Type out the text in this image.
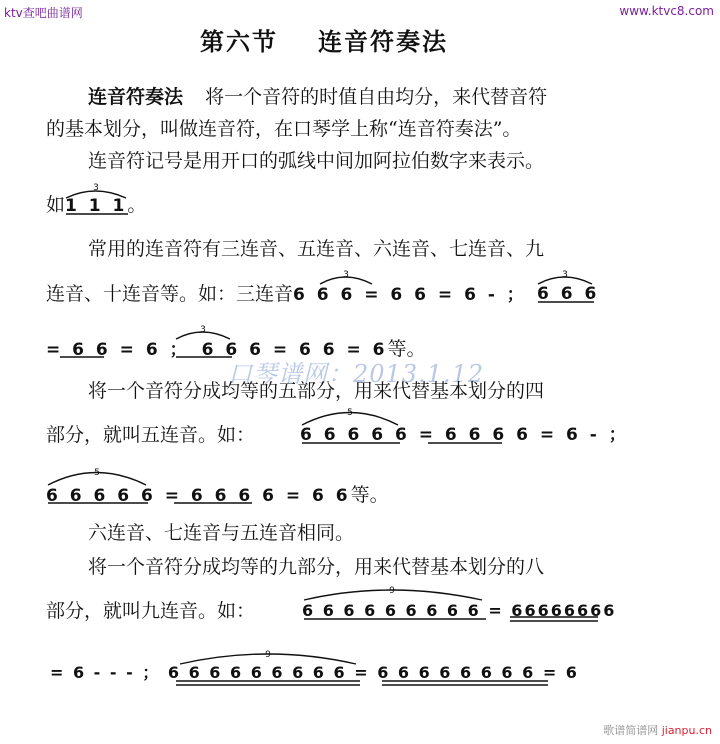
ktv查吧曲谱网	www.ktvc8.com
第六节 连音符奏法
连音符奏法 将一个音符的时值自由均分，来代替音符
的基本划分，叫做连音符，在口琴学上称“连音符奏法”。
连音符记号是用开口的弧线中间加阿拉伯数字来表示。
如1 1 1。
常用的连音符有三连音、五连音、六连音、七连音、九
连音、十连音等。如：三连音6 6 6 = 6 6 = 6 - ； 6 6 6
= 6 6 = 6 ； 6 6 6 = 6 6 = 6等。
口琴谱网：2013.1.12
将一个音符分成均等的五部分，用来代替基本划分的四
部分，就叫五连音。如：	6 6 6 6 6 = 6 6 6 6 = 6 - ；
6 6 6 6 6 = 6 6 6 6 = 6 6等。
六连音、七连音与五连音相同。
将一个音符分成均等的九部分，用来代替基本划分的八
部分，就叫九连音。如：	6 6 6 6 6 6 6 6 6 = 66666666
= 6 - - - ； 6 6 6 6 6 6 6 6 6 = 6 6 6 6 6 6 6 6 = 6
3
3	3
3
5
5
9
9
歌谱简谱网 jianpu.cn
